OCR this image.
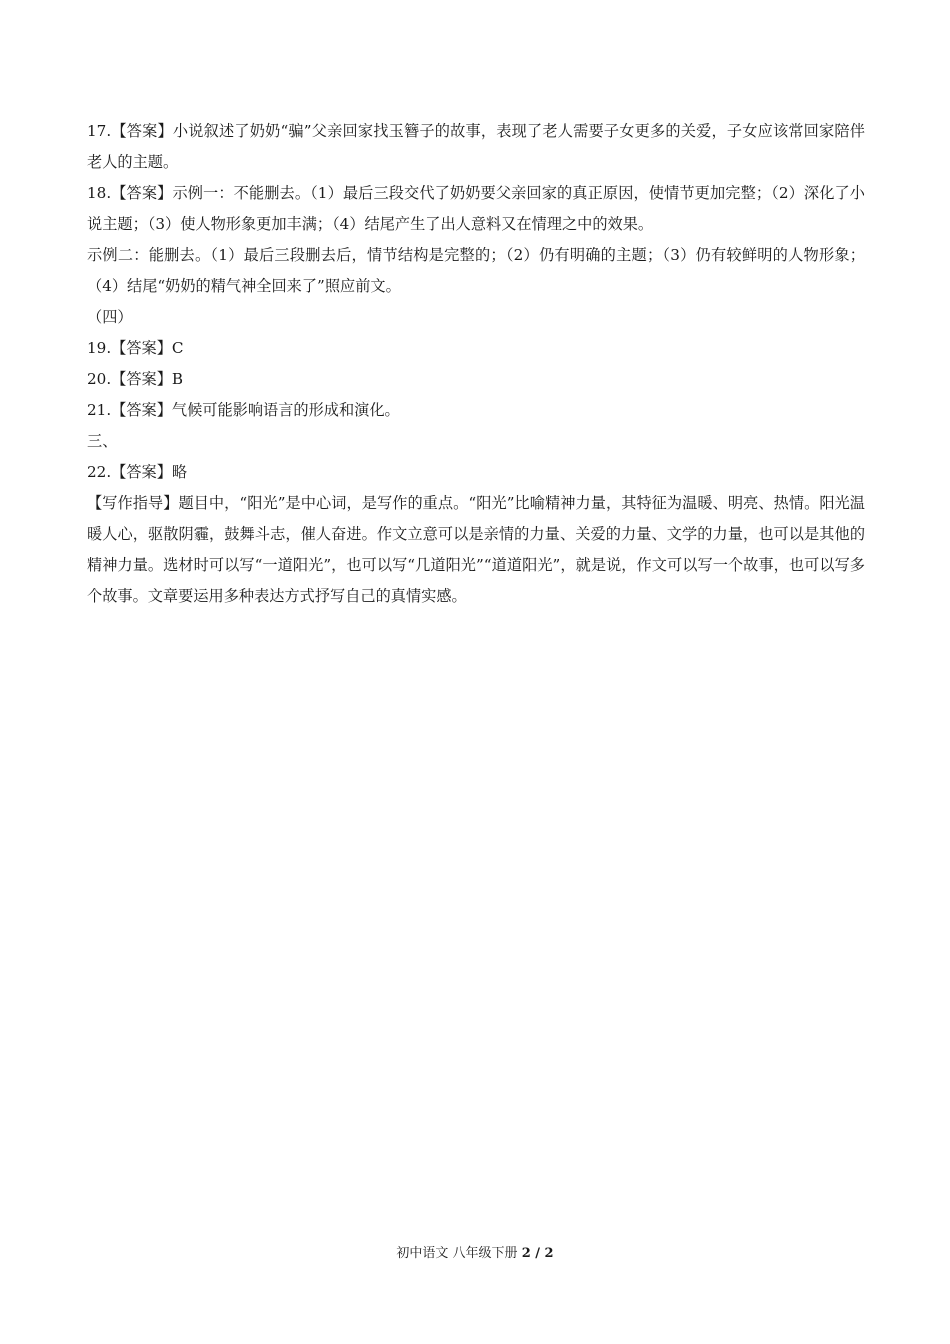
17.【答案】小说叙述了奶奶“骗”父亲回家找玉簪子的故事，表现了老人需要子女更多的关爱，子女应该常回家陪伴老人的主题。

18.【答案】示例一：不能删去。（1）最后三段交代了奶奶要父亲回家的真正原因，使情节更加完整；（2）深化了小说主题；（3）使人物形象更加丰满；（4）结尾产生了出人意料又在情理之中的效果。

示例二：能删去。（1）最后三段删去后，情节结构是完整的；（2）仍有明确的主题；（3）仍有较鲜明的人物形象；（4）结尾“奶奶的精气神全回来了”照应前文。

（四）

19.【答案】C

20.【答案】B

21.【答案】气候可能影响语言的形成和演化。

三、

22.【答案】略

【写作指导】题目中，“阳光”是中心词，是写作的重点。“阳光”比喻精神力量，其特征为温暖、明亮、热情。阳光温暖人心，驱散阴霾，鼓舞斗志，催人奋进。作文立意可以是亲情的力量、关爱的力量、文学的力量，也可以是其他的精神力量。选材时可以写“一道阳光”，也可以写“几道阳光”“道道阳光”，就是说，作文可以写一个故事，也可以写多个故事。文章要运用多种表达方式抒写自己的真情实感。

初中语文 八年级下册 2 / 2
